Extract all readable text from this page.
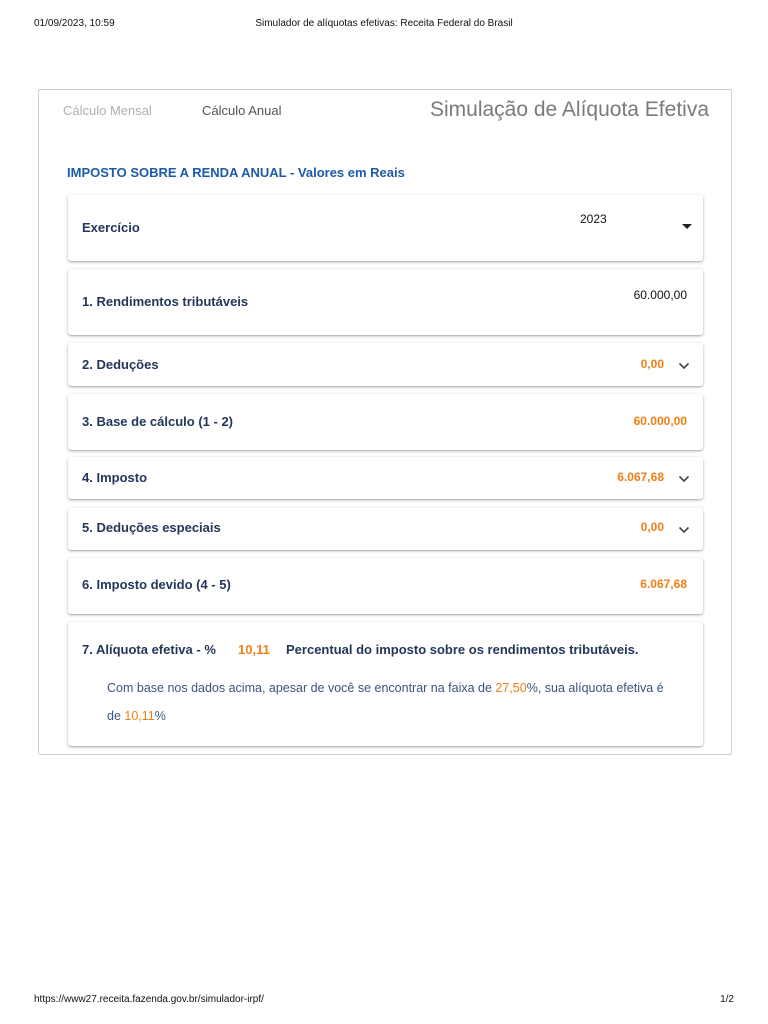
01/09/2023, 10:59	Simulador de alíquotas efetivas: Receita Federal do Brasil
Cálculo Mensal	Cálculo Anual	Simulação de Alíquota Efetiva
IMPOSTO SOBRE A RENDA ANUAL - Valores em Reais
Exercício
2023
1. Rendimentos tributáveis	60.000,00
2. Deduções	0,00
3. Base de cálculo (1 - 2)	60.000,00
4. Imposto	6.067,68
5. Deduções especiais	0,00
6. Imposto devido (4 - 5)	6.067,68
7. Alíquota efetiva - % 10,11 Percentual do imposto sobre os rendimentos tributáveis.
Com base nos dados acima, apesar de você se encontrar na faixa de 27,50%, sua alíquota efetiva é de 10,11%
https://www27.receita.fazenda.gov.br/simulador-irpf/	1/2
